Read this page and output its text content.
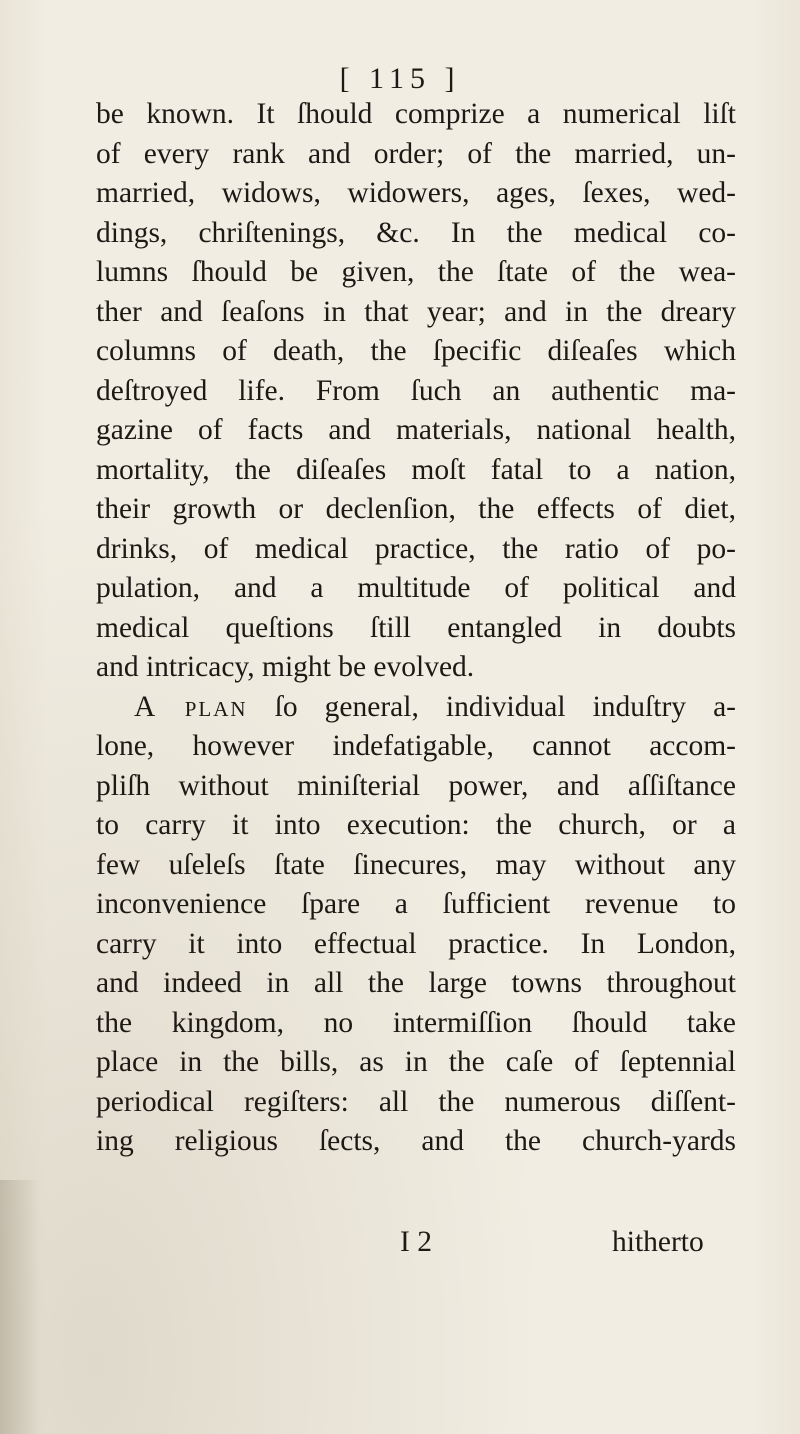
[ 115 ]
be known. It ſhould comprize a numerical liſt
of every rank and order; of the married, un-
married, widows, widowers, ages, ſexes, wed-
dings, chriſtenings, &c. In the medical co-
lumns ſhould be given, the ſtate of the wea-
ther and ſeaſons in that year; and in the dreary
columns of death, the ſpecific diſeaſes which
deſtroyed life. From ſuch an authentic ma-
gazine of facts and materials, national health,
mortality, the diſeaſes moſt fatal to a nation,
their growth or declenſion, the effects of diet,
drinks, of medical practice, the ratio of po-
pulation, and a multitude of political and
medical queſtions ſtill entangled in doubts
and intricacy, might be evolved.
A plan ſo general, individual induſtry a-
lone, however indefatigable, cannot accom-
pliſh without miniſterial power, and aſſiſtance
to carry it into execution: the church, or a
few uſeleſs ſtate ſinecures, may without any
inconvenience ſpare a ſufficient revenue to
carry it into effectual practice. In London,
and indeed in all the large towns throughout
the kingdom, no intermiſſion ſhould take
place in the bills, as in the caſe of ſeptennial
periodical regiſters: all the numerous diſſent-
ing religious ſects, and the church-yards
I 2	hitherto
